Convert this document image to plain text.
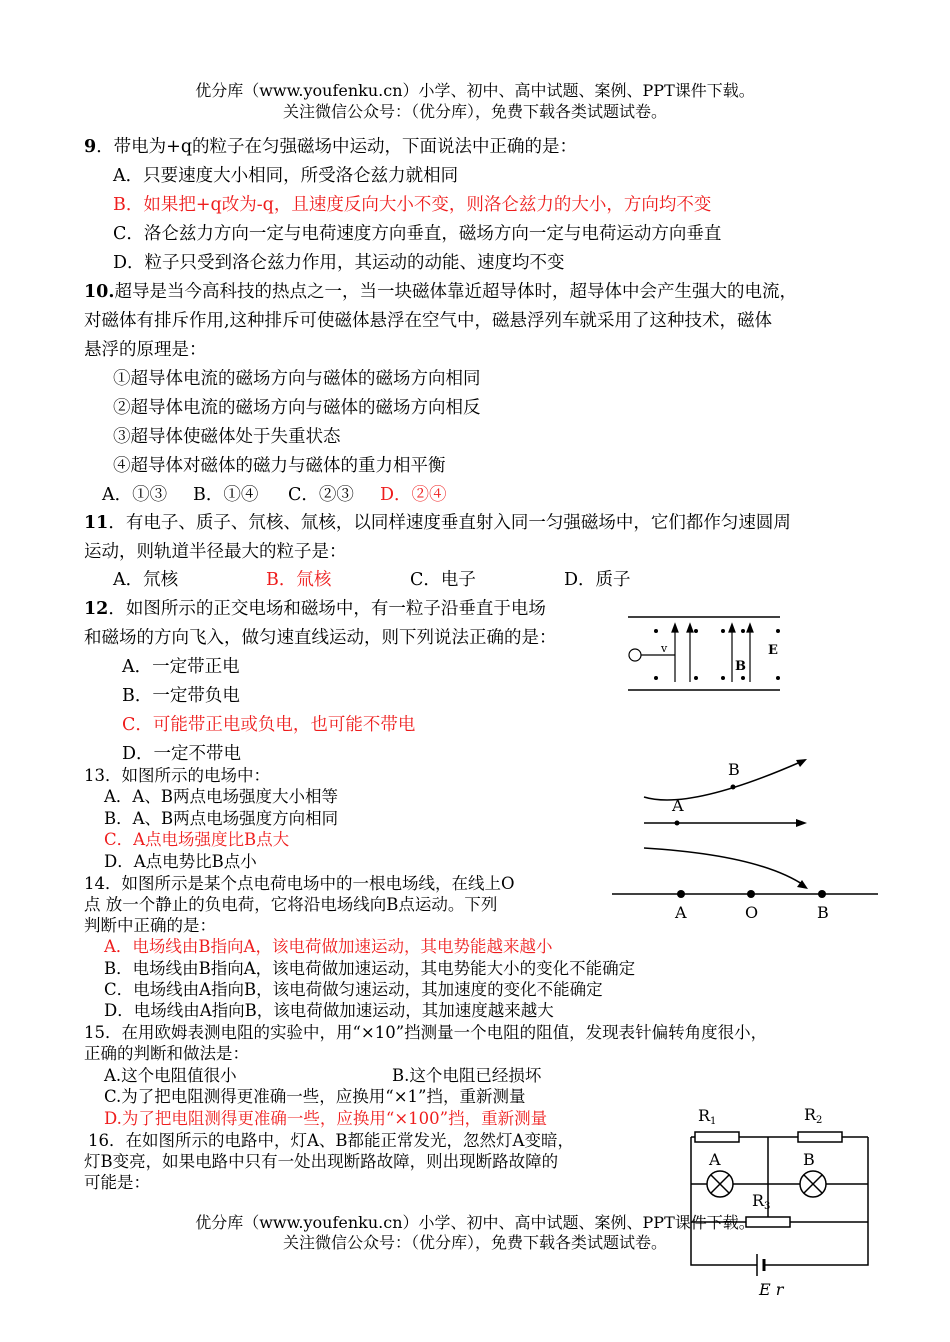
优分库（www.youfenku.cn）小学、初中、高中试题、案例、PPT课件下载。
关注微信公众号：（优分库），免费下载各类试题试卷。
9．带电为+q的粒子在匀强磁场中运动，下面说法中正确的是：
A．只要速度大小相同，所受洛仑兹力就相同
B．如果把+q改为-q，且速度反向大小不变，则洛仑兹力的大小，方向均不变
C．洛仑兹力方向一定与电荷速度方向垂直，磁场方向一定与电荷运动方向垂直
D．粒子只受到洛仑兹力作用，其运动的动能、速度均不变
10.超导是当今高科技的热点之一，当一块磁体靠近超导体时，超导体中会产生强大的电流，
对磁体有排斥作用,这种排斥可使磁体悬浮在空气中，磁悬浮列车就采用了这种技术，磁体
悬浮的原理是：
①超导体电流的磁场方向与磁体的磁场方向相同
②超导体电流的磁场方向与磁体的磁场方向相反
③超导体使磁体处于失重状态
④超导体对磁体的磁力与磁体的重力相平衡
A．①③ B．①④ C．②③ D．②④
11．有电子、质子、氘核、氚核，以同样速度垂直射入同一匀强磁场中，它们都作匀速圆周
运动，则轨道半径最大的粒子是：
A．氘核	B．氚核	C．电子	D．质子
12．如图所示的正交电场和磁场中，有一粒子沿垂直于电场
和磁场的方向飞入，做匀速直线运动，则下列说法正确的是：
A．一定带正电
B．一定带负电
C．可能带正电或负电，也可能不带电
D．一定不带电
v
B
E
13．如图所示的电场中：
A．A、B两点电场强度大小相等
B．A、B两点电场强度方向相同
C．A点电场强度比B点大
D．A点电势比B点小
B
A
14．如图所示是某个点电荷电场中的一根电场线，在线上O
点 放一个静止的负电荷，它将沿电场线向B点运动。下列
判断中正确的是：
A．电场线由B指向A，该电荷做加速运动，其电势能越来越小
B．电场线由B指向A，该电荷做加速运动，其电势能大小的变化不能确定
C．电场线由A指向B，该电荷做匀速运动，其加速度的变化不能确定
D．电场线由A指向B，该电荷做加速运动，其加速度越来越大
A	O	B
15．在用欧姆表测电阻的实验中，用“×10”挡测量一个电阻的阻值，发现表针偏转角度很小，
正确的判断和做法是：
A.这个电阻值很小	B.这个电阻已经损坏
C.为了把电阻测得更准确一些，应换用“×1”挡，重新测量
D.为了把电阻测得更准确一些，应换用“×100”挡，重新测量
16．在如图所示的电路中，灯A、B都能正常发光，忽然灯A变暗，
灯B变亮，如果电路中只有一处出现断路故障，则出现断路故障的
可能是：
R1	R2
R3
A	B
E r
优分库（www.youfenku.cn）小学、初中、高中试题、案例、PPT课件下载。
关注微信公众号：（优分库），免费下载各类试题试卷。
